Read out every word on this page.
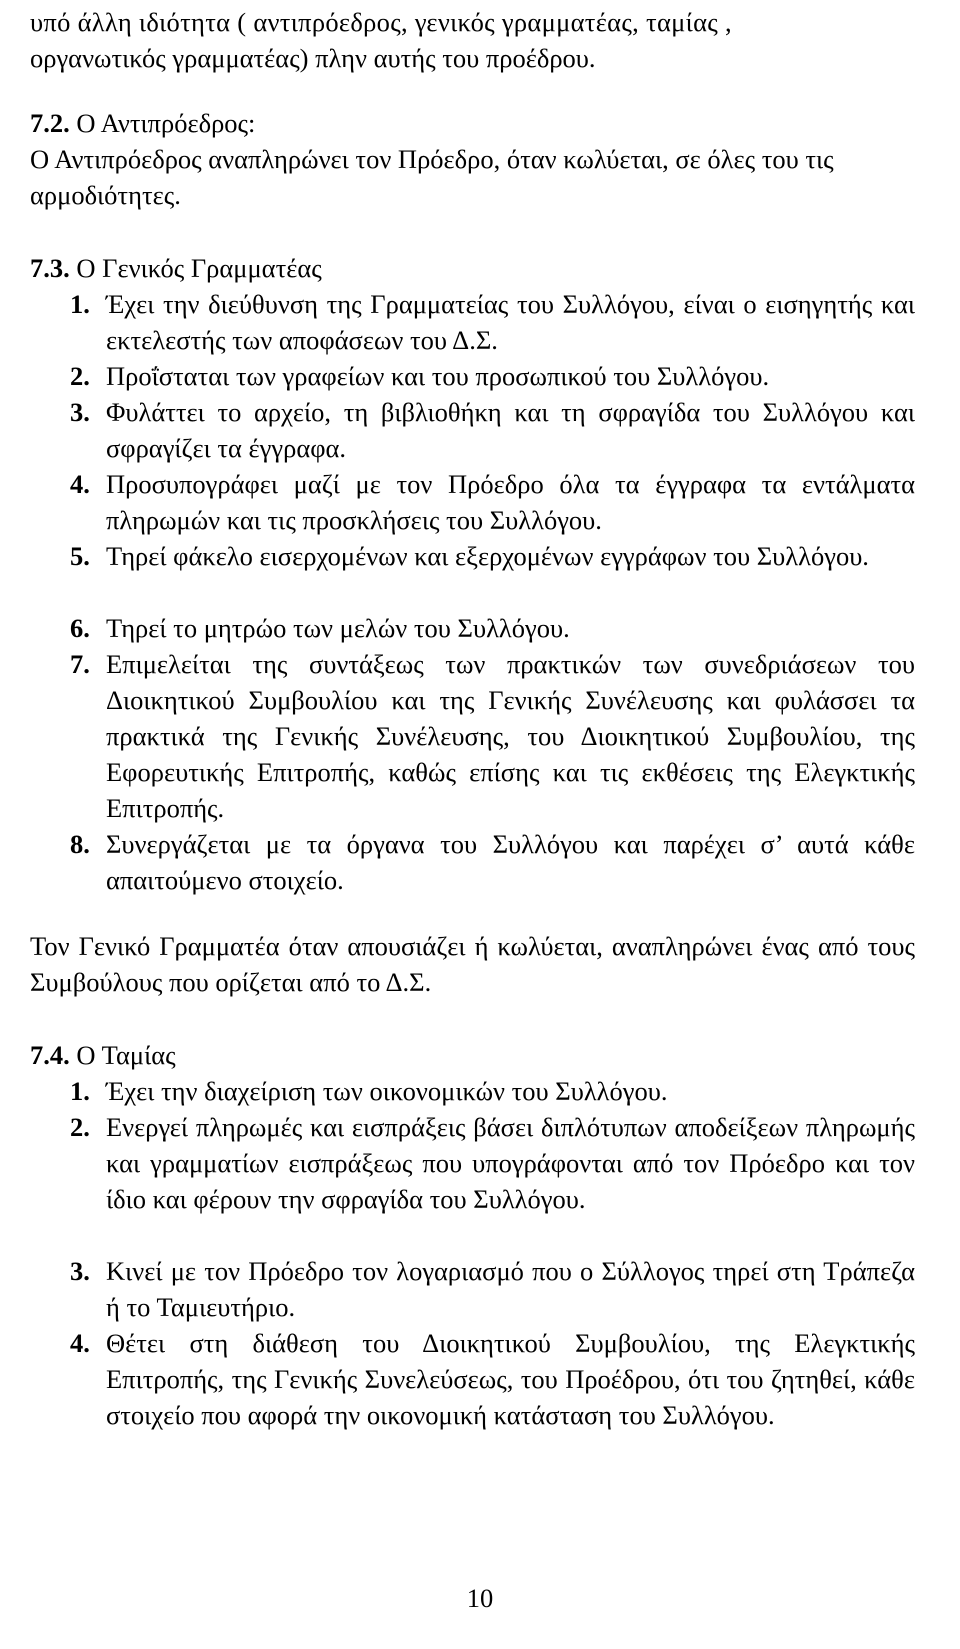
υπό άλλη ιδιότητα ( αντιπρόεδρος, γενικός γραμματέας, ταμίας ,
οργανωτικός γραμματέας) πλην αυτής του προέδρου.
7.2. Ο Αντιπρόεδρος:
Ο Αντιπρόεδρος αναπληρώνει τον Πρόεδρο, όταν κωλύεται, σε όλες του τις αρμοδιότητες.
7.3. Ο Γενικός Γραμματέας
1. Έχει την διεύθυνση της Γραμματείας του Συλλόγου, είναι ο εισηγητής και εκτελεστής των αποφάσεων του Δ.Σ.
2. Προΐσταται των γραφείων και του προσωπικού του Συλλόγου.
3. Φυλάττει το αρχείο, τη βιβλιοθήκη και τη σφραγίδα του Συλλόγου και σφραγίζει τα έγγραφα.
4. Προσυπογράφει μαζί με τον Πρόεδρο όλα τα έγγραφα τα εντάλματα πληρωμών και τις προσκλήσεις του Συλλόγου.
5. Τηρεί φάκελο εισερχομένων και εξερχομένων εγγράφων του Συλλόγου.
6. Τηρεί το μητρώο των μελών του Συλλόγου.
7. Επιμελείται της συντάξεως των πρακτικών των συνεδριάσεων του Διοικητικού Συμβουλίου και της Γενικής Συνέλευσης και φυλάσσει τα πρακτικά της Γενικής Συνέλευσης, του Διοικητικού Συμβουλίου, της Εφορευτικής Επιτροπής, καθώς επίσης και τις εκθέσεις της Ελεγκτικής Επιτροπής.
8. Συνεργάζεται με τα όργανα του Συλλόγου και παρέχει σ’ αυτά κάθε απαιτούμενο στοιχείο.
Τον Γενικό Γραμματέα όταν απουσιάζει ή κωλύεται, αναπληρώνει ένας από τους Συμβούλους που ορίζεται από το Δ.Σ.
7.4. Ο Ταμίας
1. Έχει την διαχείριση των οικονομικών του Συλλόγου.
2. Ενεργεί πληρωμές και εισπράξεις βάσει διπλότυπων αποδείξεων πληρωμής και γραμματίων εισπράξεως που υπογράφονται από τον Πρόεδρο και τον ίδιο και φέρουν την σφραγίδα του Συλλόγου.
3. Κινεί με τον Πρόεδρο τον λογαριασμό που ο Σύλλογος τηρεί στη Τράπεζα ή το Ταμιευτήριο.
4. Θέτει στη διάθεση του Διοικητικού Συμβουλίου, της Ελεγκτικής Επιτροπής, της Γενικής Συνελεύσεως, του Προέδρου, ότι του ζητηθεί, κάθε στοιχείο που αφορά την οικονομική κατάσταση του Συλλόγου.
10
